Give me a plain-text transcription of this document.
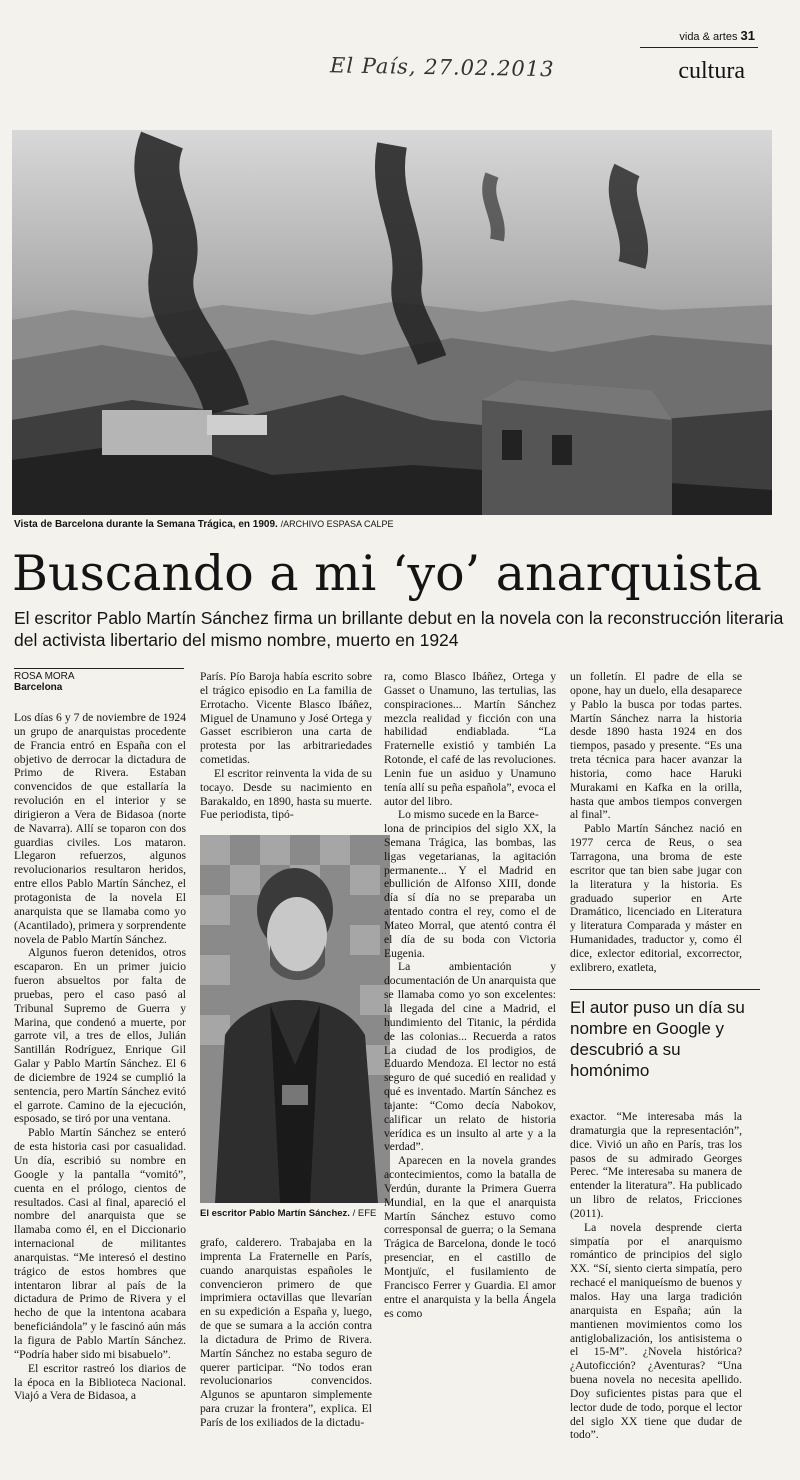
vida & artes 31
El País, 27.02.2013	cultura
Vista de Barcelona durante la Semana Trágica, en 1909. /ARCHIVO ESPASA CALPE
Buscando a mi ‘yo’ anarquista
El escritor Pablo Martín Sánchez firma un brillante debut en la novela con la reconstrucción literaria del activista libertario del mismo nombre, muerto en 1924
ROSA MORA
Barcelona

Los días 6 y 7 de noviembre de 1924 un grupo de anarquistas procedente de Francia entró en España con el objetivo de derrocar la dictadura de Primo de Rivera. Estaban convencidos de que estallaría la revolución en el interior y se dirigieron a Vera de Bidasoa (norte de Navarra). Allí se toparon con dos guardias civiles. Los mataron. Llegaron refuerzos, algunos revolucionarios resultaron heridos, entre ellos Pablo Martín Sánchez, el protagonista de la novela El anarquista que se llamaba como yo (Acantilado), primera y sorprendente novela de Pablo Martín Sánchez.

Algunos fueron detenidos, otros escaparon. En un primer juicio fueron absueltos por falta de pruebas, pero el caso pasó al Tribunal Supremo de Guerra y Marina, que condenó a muerte, por garrote vil, a tres de ellos, Julián Santillán Rodríguez, Enrique Gil Galar y Pablo Martín Sánchez. El 6 de diciembre de 1924 se cumplió la sentencia, pero Martín Sánchez evitó el garrote. Camino de la ejecución, esposado, se tiró por una ventana.

Pablo Martín Sánchez se enteró de esta historia casi por casualidad. Un día, escribió su nombre en Google y la pantalla “vomitó”, cuenta en el prólogo, cientos de resultados. Casi al final, apareció el nombre del anarquista que se llamaba como él, en el Diccionario internacional de militantes anarquistas. “Me interesó el destino trágico de estos hombres que intentaron librar al país de la dictadura de Primo de Rivera y el hecho de que la intentona acabara beneficiándola” y le fascinó aún más la figura de Pablo Martín Sánchez. “Podría haber sido mi bisabuelo”.

El escritor rastreó los diarios de la época en la Biblioteca Nacional. Viajó a Vera de Bidasoa, a

París. Pío Baroja había escrito sobre el trágico episodio en La familia de Errotacho. Vicente Blasco Ibáñez, Miguel de Unamuno y José Ortega y Gasset escribieron una carta de protesta por las arbitrariedades cometidas.

El escritor reinventa la vida de su tocayo. Desde su nacimiento en Barakaldo, en 1890, hasta su muerte. Fue periodista, tipó-

El escritor Pablo Martín Sánchez. / EFE

grafo, calderero. Trabajaba en la imprenta La Fraternelle en París, cuando anarquistas españoles le convencieron primero de que imprimiera octavillas que llevarían en su expedición a España y, luego, de que se sumara a la acción contra la dictadura de Primo de Rivera. Martín Sánchez no estaba seguro de querer participar. “No todos eran revolucionarios convencidos. Algunos se apuntaron simplemente para cruzar la frontera”, explica. El París de los exiliados de la dictadu-

ra, como Blasco Ibáñez, Ortega y Gasset o Unamuno, las tertulias, las conspiraciones... Martín Sánchez mezcla realidad y ficción con una habilidad endiablada. “La Fraternelle existió y también La Rotonde, el café de las revoluciones. Lenin fue un asiduo y Unamuno tenía allí su peña española”, evoca el autor del libro.

Lo mismo sucede en la Barce-

lona de principios del siglo XX, la Semana Trágica, las bombas, las ligas vegetarianas, la agitación permanente... Y el Madrid en ebullición de Alfonso XIII, donde día sí día no se preparaba un atentado contra el rey, como el de Mateo Morral, que atentó contra él el día de su boda con Victoria Eugenia.

La ambientación y documentación de Un anarquista que se llamaba como yo son excelentes: la llegada del cine a Madrid, el hundimiento del Titanic, la pérdida de las colonias... Recuerda a ratos La ciudad de los prodigios, de Eduardo Mendoza. El lector no está seguro de qué sucedió en realidad y qué es inventado. Martín Sánchez es tajante: “Como decía Nabokov, calificar un relato de historia verídica es un insulto al arte y a la verdad”.

Aparecen en la novela grandes acontecimientos, como la batalla de Verdún, durante la Primera Guerra Mundial, en la que el anarquista Martín Sánchez estuvo como corresponsal de guerra; o la Semana Trágica de Barcelona, donde le tocó presenciar, en el castillo de Montjuïc, el fusilamiento de Francisco Ferrer y Guardia. El amor entre el anarquista y la bella Ángela es como

un folletín. El padre de ella se opone, hay un duelo, ella desaparece y Pablo la busca por todas partes. Martín Sánchez narra la historia desde 1890 hasta 1924 en dos tiempos, pasado y presente. “Es una treta técnica para hacer avanzar la historia, como hace Haruki Murakami en Kafka en la orilla, hasta que ambos tiempos convergen al final”.

Pablo Martín Sánchez nació en 1977 cerca de Reus, o sea Tarragona, una broma de este escritor que tan bien sabe jugar con la literatura y la historia. Es graduado superior en Arte Dramático, licenciado en Literatura y literatura Comparada y máster en Humanidades, traductor y, como él dice, exlector editorial, excorrector, exlibrero, exatleta,

El autor puso un día su nombre en Google y descubrió a su homónimo

exactor. “Me interesaba más la dramaturgia que la representación”, dice. Vivió un año en París, tras los pasos de su admirado Georges Perec. “Me interesaba su manera de entender la literatura”. Ha publicado un libro de relatos, Fricciones (2011).

La novela desprende cierta simpatía por el anarquismo romántico de principios del siglo XX. “Sí, siento cierta simpatía, pero rechacé el maniqueísmo de buenos y malos. Hay una larga tradición anarquista en España; aún la mantienen movimientos como los antiglobalización, los antisistema o el 15-M”. ¿Novela histórica? ¿Autoficción? ¿Aventuras? “Una buena novela no necesita apellido. Doy suficientes pistas para que el lector dude de todo, porque el lector del siglo XX tiene que dudar de todo”.
